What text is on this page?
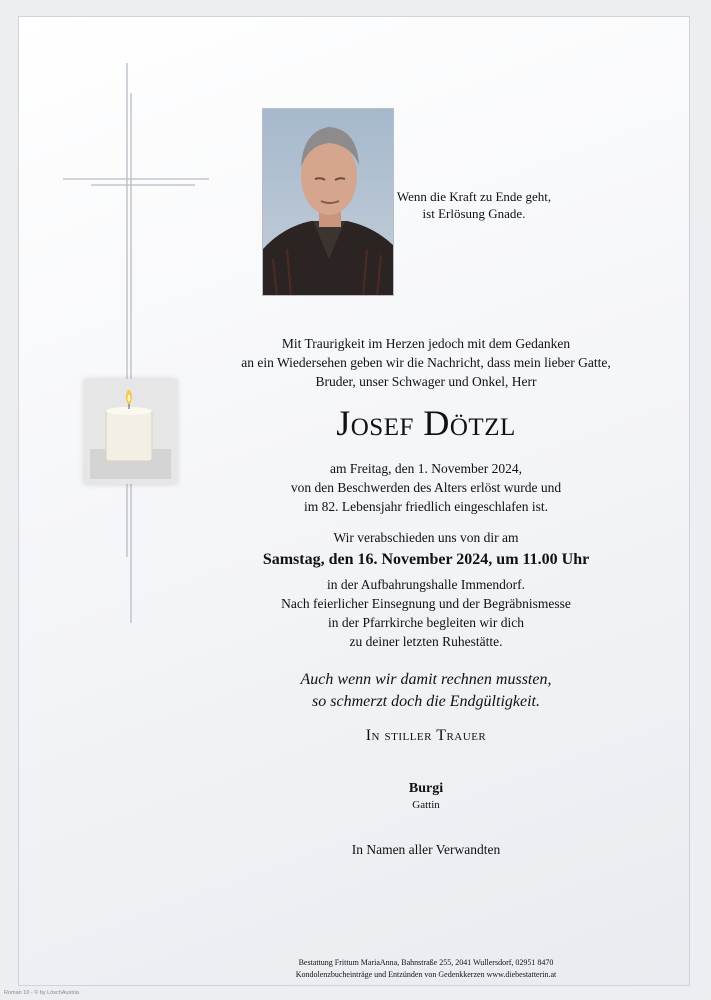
Wenn die Kraft zu Ende geht,
ist Erlösung Gnade.
Mit Traurigkeit im Herzen jedoch mit dem Gedanken
an ein Wiedersehen geben wir die Nachricht, dass mein lieber Gatte,
Bruder, unser Schwager und Onkel, Herr
Josef Dötzl
am Freitag, den 1. November 2024,
von den Beschwerden des Alters erlöst wurde und
im 82. Lebensjahr friedlich eingeschlafen ist.
Wir verabschieden uns von dir am
Samstag, den 16. November 2024, um 11.00 Uhr
in der Aufbahrungshalle Immendorf.
Nach feierlicher Einsegnung und der Begräbnismesse
in der Pfarrkirche begleiten wir dich
zu deiner letzten Ruhestätte.
Auch wenn wir damit rechnen mussten,
so schmerzt doch die Endgültigkeit.
In stiller Trauer
Burgi
Gattin
In Namen aller Verwandten
Bestattung Frittum MariaAnna, Bahnstraße 255, 2041 Wullersdorf, 02951 8470
Kondolenzbucheinträge und Entzünden von Gedenkkerzen www.diebestatterin.at
Roman 10 - © by LöschAustria
